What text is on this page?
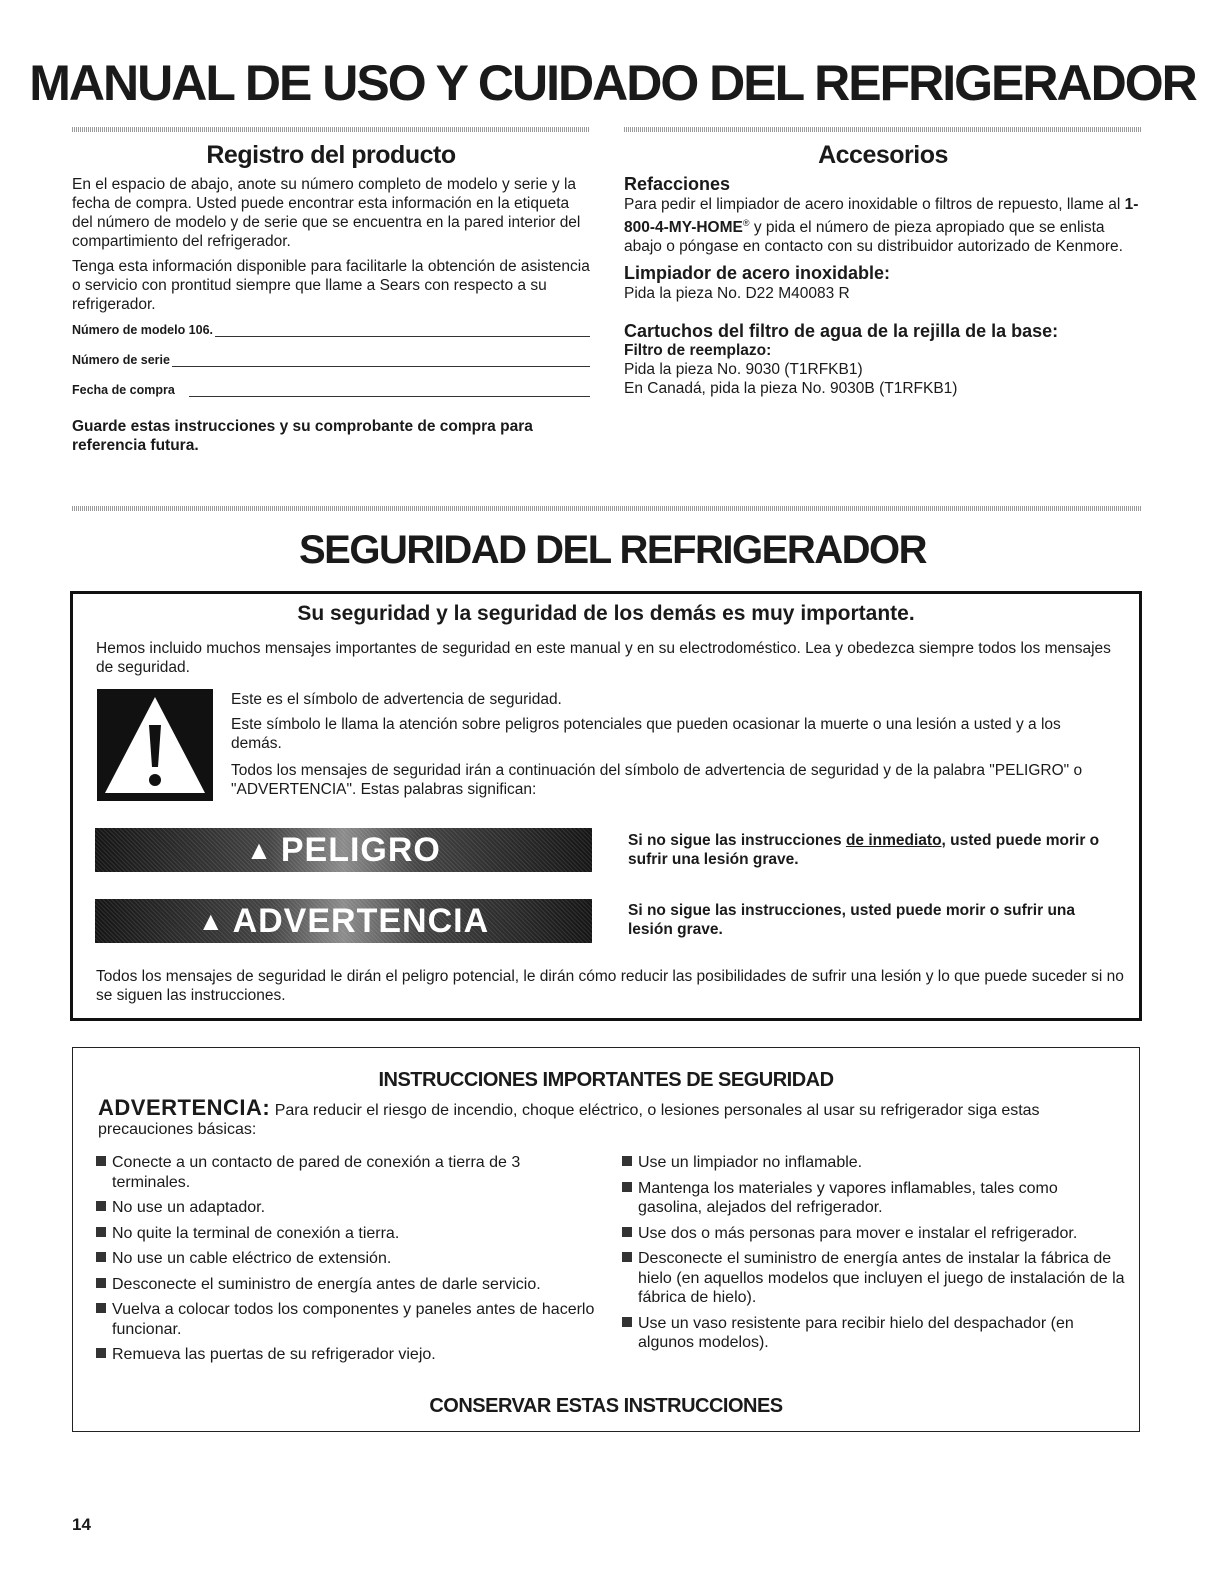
MANUAL DE USO Y CUIDADO DEL REFRIGERADOR
Registro del producto

En el espacio de abajo, anote su número completo de modelo y serie y la fecha de compra. Usted puede encontrar esta información en la etiqueta del número de modelo y de serie que se encuentra en la pared interior del compartimiento del refrigerador.

Tenga esta información disponible para facilitarle la obtención de asistencia o servicio con prontitud siempre que llame a Sears con respecto a su refrigerador.

Número de modelo 106.
Número de serie
Fecha de compra

Guarde estas instrucciones y su comprobante de compra para referencia futura.

Accesorios
Refacciones

Para pedir el limpiador de acero inoxidable o filtros de repuesto, llame al 1-800-4-MY-HOME® y pida el número de pieza apropiado que se enlista abajo o póngase en contacto con su distribuidor autorizado de Kenmore.

Limpiador de acero inoxidable:

Pida la pieza No. D22 M40083 R

Cartuchos del filtro de agua de la rejilla de la base:

Filtro de reemplazo:

Pida la pieza No. 9030 (T1RFKB1)

En Canadá, pida la pieza No. 9030B (T1RFKB1)

SEGURIDAD DEL REFRIGERADOR
Su seguridad y la seguridad de los demás es muy importante.

Hemos incluido muchos mensajes importantes de seguridad en este manual y en su electrodoméstico. Lea y obedezca siempre todos los mensajes de seguridad.

Este es el símbolo de advertencia de seguridad.

Este símbolo le llama la atención sobre peligros potenciales que pueden ocasionar la muerte o una lesión a usted y a los demás.

Todos los mensajes de seguridad irán a continuación del símbolo de advertencia de seguridad y de la palabra "PELIGRO" o "ADVERTENCIA". Estas palabras significan:

▲ PELIGRO	Si no sigue las instrucciones de inmediato, usted puede morir o sufrir una lesión grave.

▲ ADVERTENCIA	Si no sigue las instrucciones, usted puede morir o sufrir una lesión grave.

Todos los mensajes de seguridad le dirán el peligro potencial, le dirán cómo reducir las posibilidades de sufrir una lesión y lo que puede suceder si no se siguen las instrucciones.

INSTRUCCIONES IMPORTANTES DE SEGURIDAD

ADVERTENCIA: Para reducir el riesgo de incendio, choque eléctrico, o lesiones personales al usar su refrigerador siga estas precauciones básicas:

Conecte a un contacto de pared de conexión a tierra de 3 terminales.
No use un adaptador.
No quite la terminal de conexión a tierra.
No use un cable eléctrico de extensión.
Desconecte el suministro de energía antes de darle servicio.
Vuelva a colocar todos los componentes y paneles antes de hacerlo funcionar.
Remueva las puertas de su refrigerador viejo.
Use un limpiador no inflamable.
Mantenga los materiales y vapores inflamables, tales como gasolina, alejados del refrigerador.
Use dos o más personas para mover e instalar el refrigerador.
Desconecte el suministro de energía antes de instalar la fábrica de hielo (en aquellos modelos que incluyen el juego de instalación de la fábrica de hielo).
Use un vaso resistente para recibir hielo del despachador (en algunos modelos).
CONSERVAR ESTAS INSTRUCCIONES
14
